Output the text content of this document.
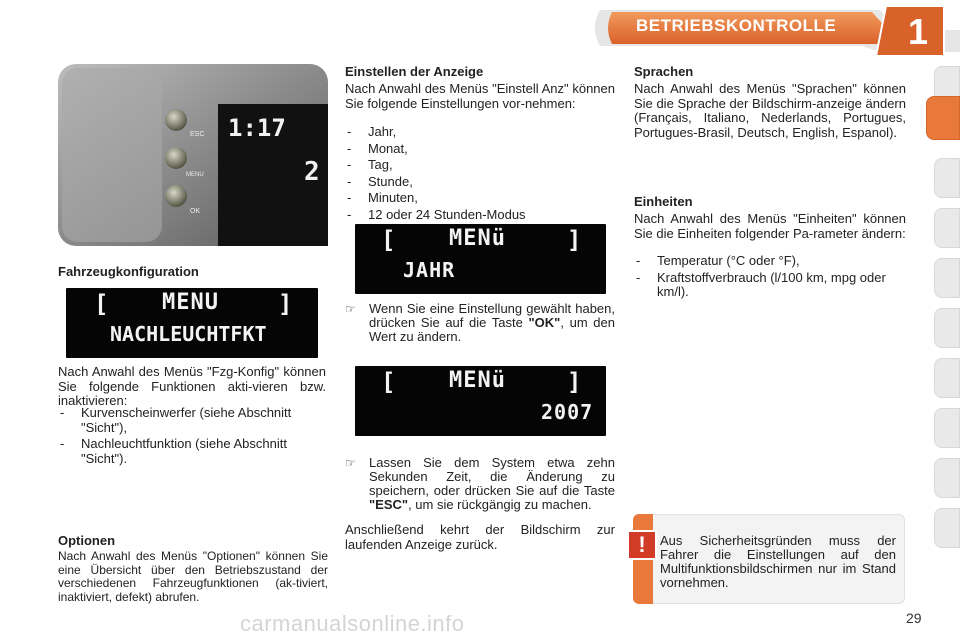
BETRIEBSKONTROLLE	1
ESC
MENU
OK
1:17
2
Fahrzeugkonfiguration
[ MENU ]
NACHLEUCHTFKT
Nach Anwahl des Menüs "Fzg-Konfig" können Sie folgende Funktionen akti-vieren bzw. inaktivieren:
- Kurvenscheinwerfer (siehe Abschnitt "Sicht"),
- Nachleuchtfunktion (siehe Abschnitt "Sicht").
Optionen
Nach Anwahl des Menüs "Optionen" können Sie eine Übersicht über den Betriebszustand der verschiedenen Fahrzeugfunktionen (ak-tiviert, inaktiviert, defekt) abrufen.
Einstellen der Anzeige
Nach Anwahl des Menüs "Einstell Anz" können Sie folgende Einstellungen vor-nehmen:
- Jahr,
- Monat,
- Tag,
- Stunde,
- Minuten,
- 12 oder 24 Stunden-Modus
[ MENü	]
JAHR
☞ Wenn Sie eine Einstellung gewählt haben, drücken Sie auf die Taste "OK", um den Wert zu ändern.
[ MENü	]
2007
☞ Lassen Sie dem System etwa zehn Sekunden Zeit, die Änderung zu speichern, oder drücken Sie auf die Taste "ESC", um sie rückgängig zu machen.
Anschließend kehrt der Bildschirm zur laufenden Anzeige zurück.
Sprachen
Nach Anwahl des Menüs "Sprachen" können Sie die Sprache der Bildschirm-anzeige ändern (Français, Italiano, Nederlands, Portugues, Portugues-Brasil, Deutsch, English, Espanol).
Einheiten
Nach Anwahl des Menüs "Einheiten" können Sie die Einheiten folgender Pa-rameter ändern:
- Temperatur (°C oder °F),
- Kraftstoffverbrauch (l/100 km, mpg oder km/l).
!	Aus Sicherheitsgründen muss der Fahrer die Einstellungen auf den Multifunktionsbildschirmen nur im Stand vornehmen.
carmanualsonline.info	29
